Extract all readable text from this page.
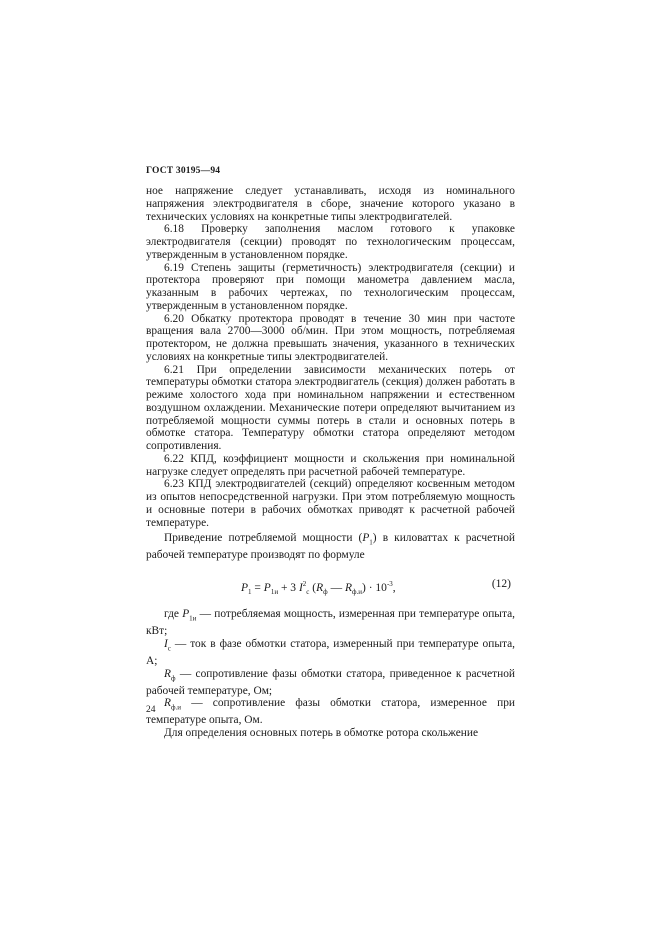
ГОСТ 30195—94

ное напряжение следует устанавливать, исходя из номинального напряжения электродвигателя в сборе, значение которого указано в технических условиях на конкретные типы электродвигателей.

6.18 Проверку заполнения маслом готового к упаковке электродвигателя (секции) проводят по технологическим процессам, утвержденным в установленном порядке.

6.19 Степень защиты (герметичность) электродвигателя (секции) и протектора проверяют при помощи манометра давлением масла, указанным в рабочих чертежах, по технологическим процессам, утвержденным в установленном порядке.

6.20 Обкатку протектора проводят в течение 30 мин при частоте вращения вала 2700—3000 об/мин. При этом мощность, потребляемая протектором, не должна превышать значения, указанного в технических условиях на конкретные типы электродвигателей.

6.21 При определении зависимости механических потерь от температуры обмотки статора электродвигатель (секция) должен работать в режиме холостого хода при номинальном напряжении и естественном воздушном охлаждении. Механические потери определяют вычитанием из потребляемой мощности суммы потерь в стали и основных потерь в обмотке статора. Температуру обмотки статора определяют методом сопротивления.

6.22 КПД, коэффициент мощности и скольжения при номинальной нагрузке следует определять при расчетной рабочей температуре.

6.23 КПД электродвигателей (секций) определяют косвенным методом из опытов непосредственной нагрузки. При этом потребляемую мощность и основные потери в рабочих обмотках приводят к расчетной рабочей температуре.

Приведение потребляемой мощности $(P_1)$ в киловаттах к расчетной рабочей температуре производят по формуле

$P_1 = P_{1и} + 3$ $I^2_c$ ($R_ф$ — $R_{ф.и}) \cdot 10^{-3}$,	(12)

где $P_{1и}$ — потребляемая мощность, измеренная при температуре опыта, кВт;

$I_c$ — ток в фазе обмотки статора, измеренный при температуре опыта, А;

$R_ф$ — сопротивление фазы обмотки статора, приведенное к расчетной рабочей температуре, Ом;

$R_{ф.и}$ — сопротивление фазы обмотки статора, измеренное при температуре опыта, Ом.

Для определения основных потерь в обмотке ротора скольжение

24
